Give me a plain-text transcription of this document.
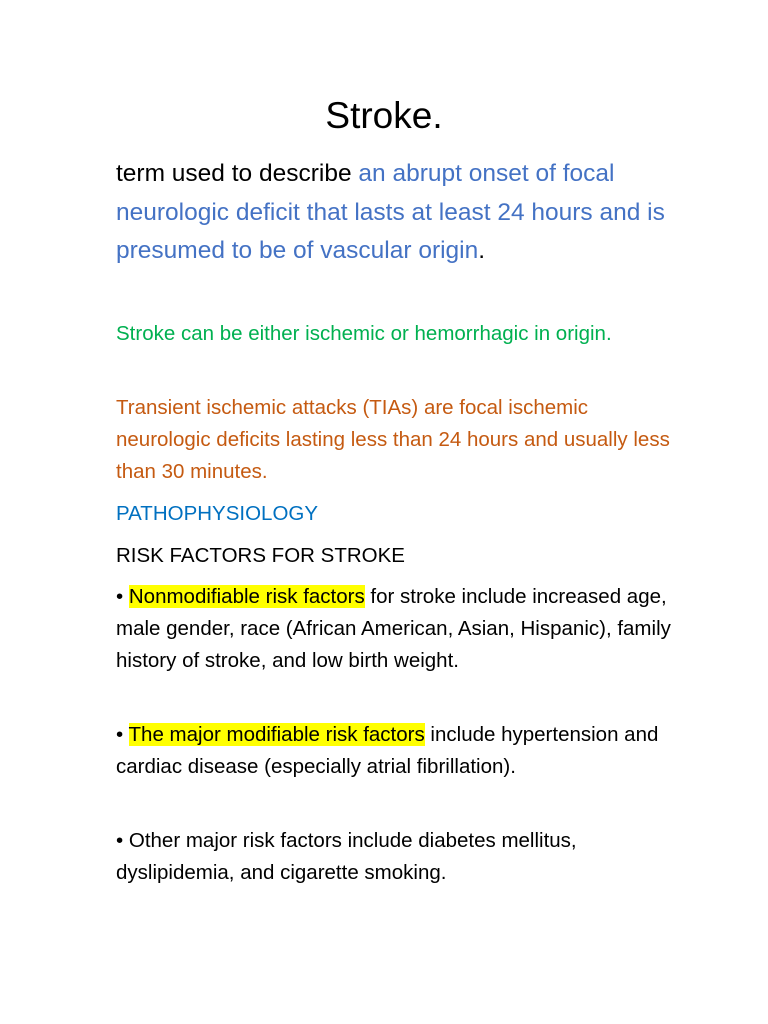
Stroke.
term used to describe an abrupt onset of focal neurologic deficit that lasts at least 24 hours and is presumed to be of vascular origin.
Stroke can be either ischemic or hemorrhagic in origin.
Transient ischemic attacks (TIAs) are focal ischemic neurologic deficits lasting less than 24 hours and usually less than 30 minutes.
PATHOPHYSIOLOGY
RISK FACTORS FOR STROKE
• Nonmodifiable risk factors for stroke include increased age, male gender, race (African American, Asian, Hispanic), family history of stroke, and low birth weight.
• The major modifiable risk factors include hypertension and cardiac disease (especially atrial fibrillation).
• Other major risk factors include diabetes mellitus, dyslipidemia, and cigarette smoking.
